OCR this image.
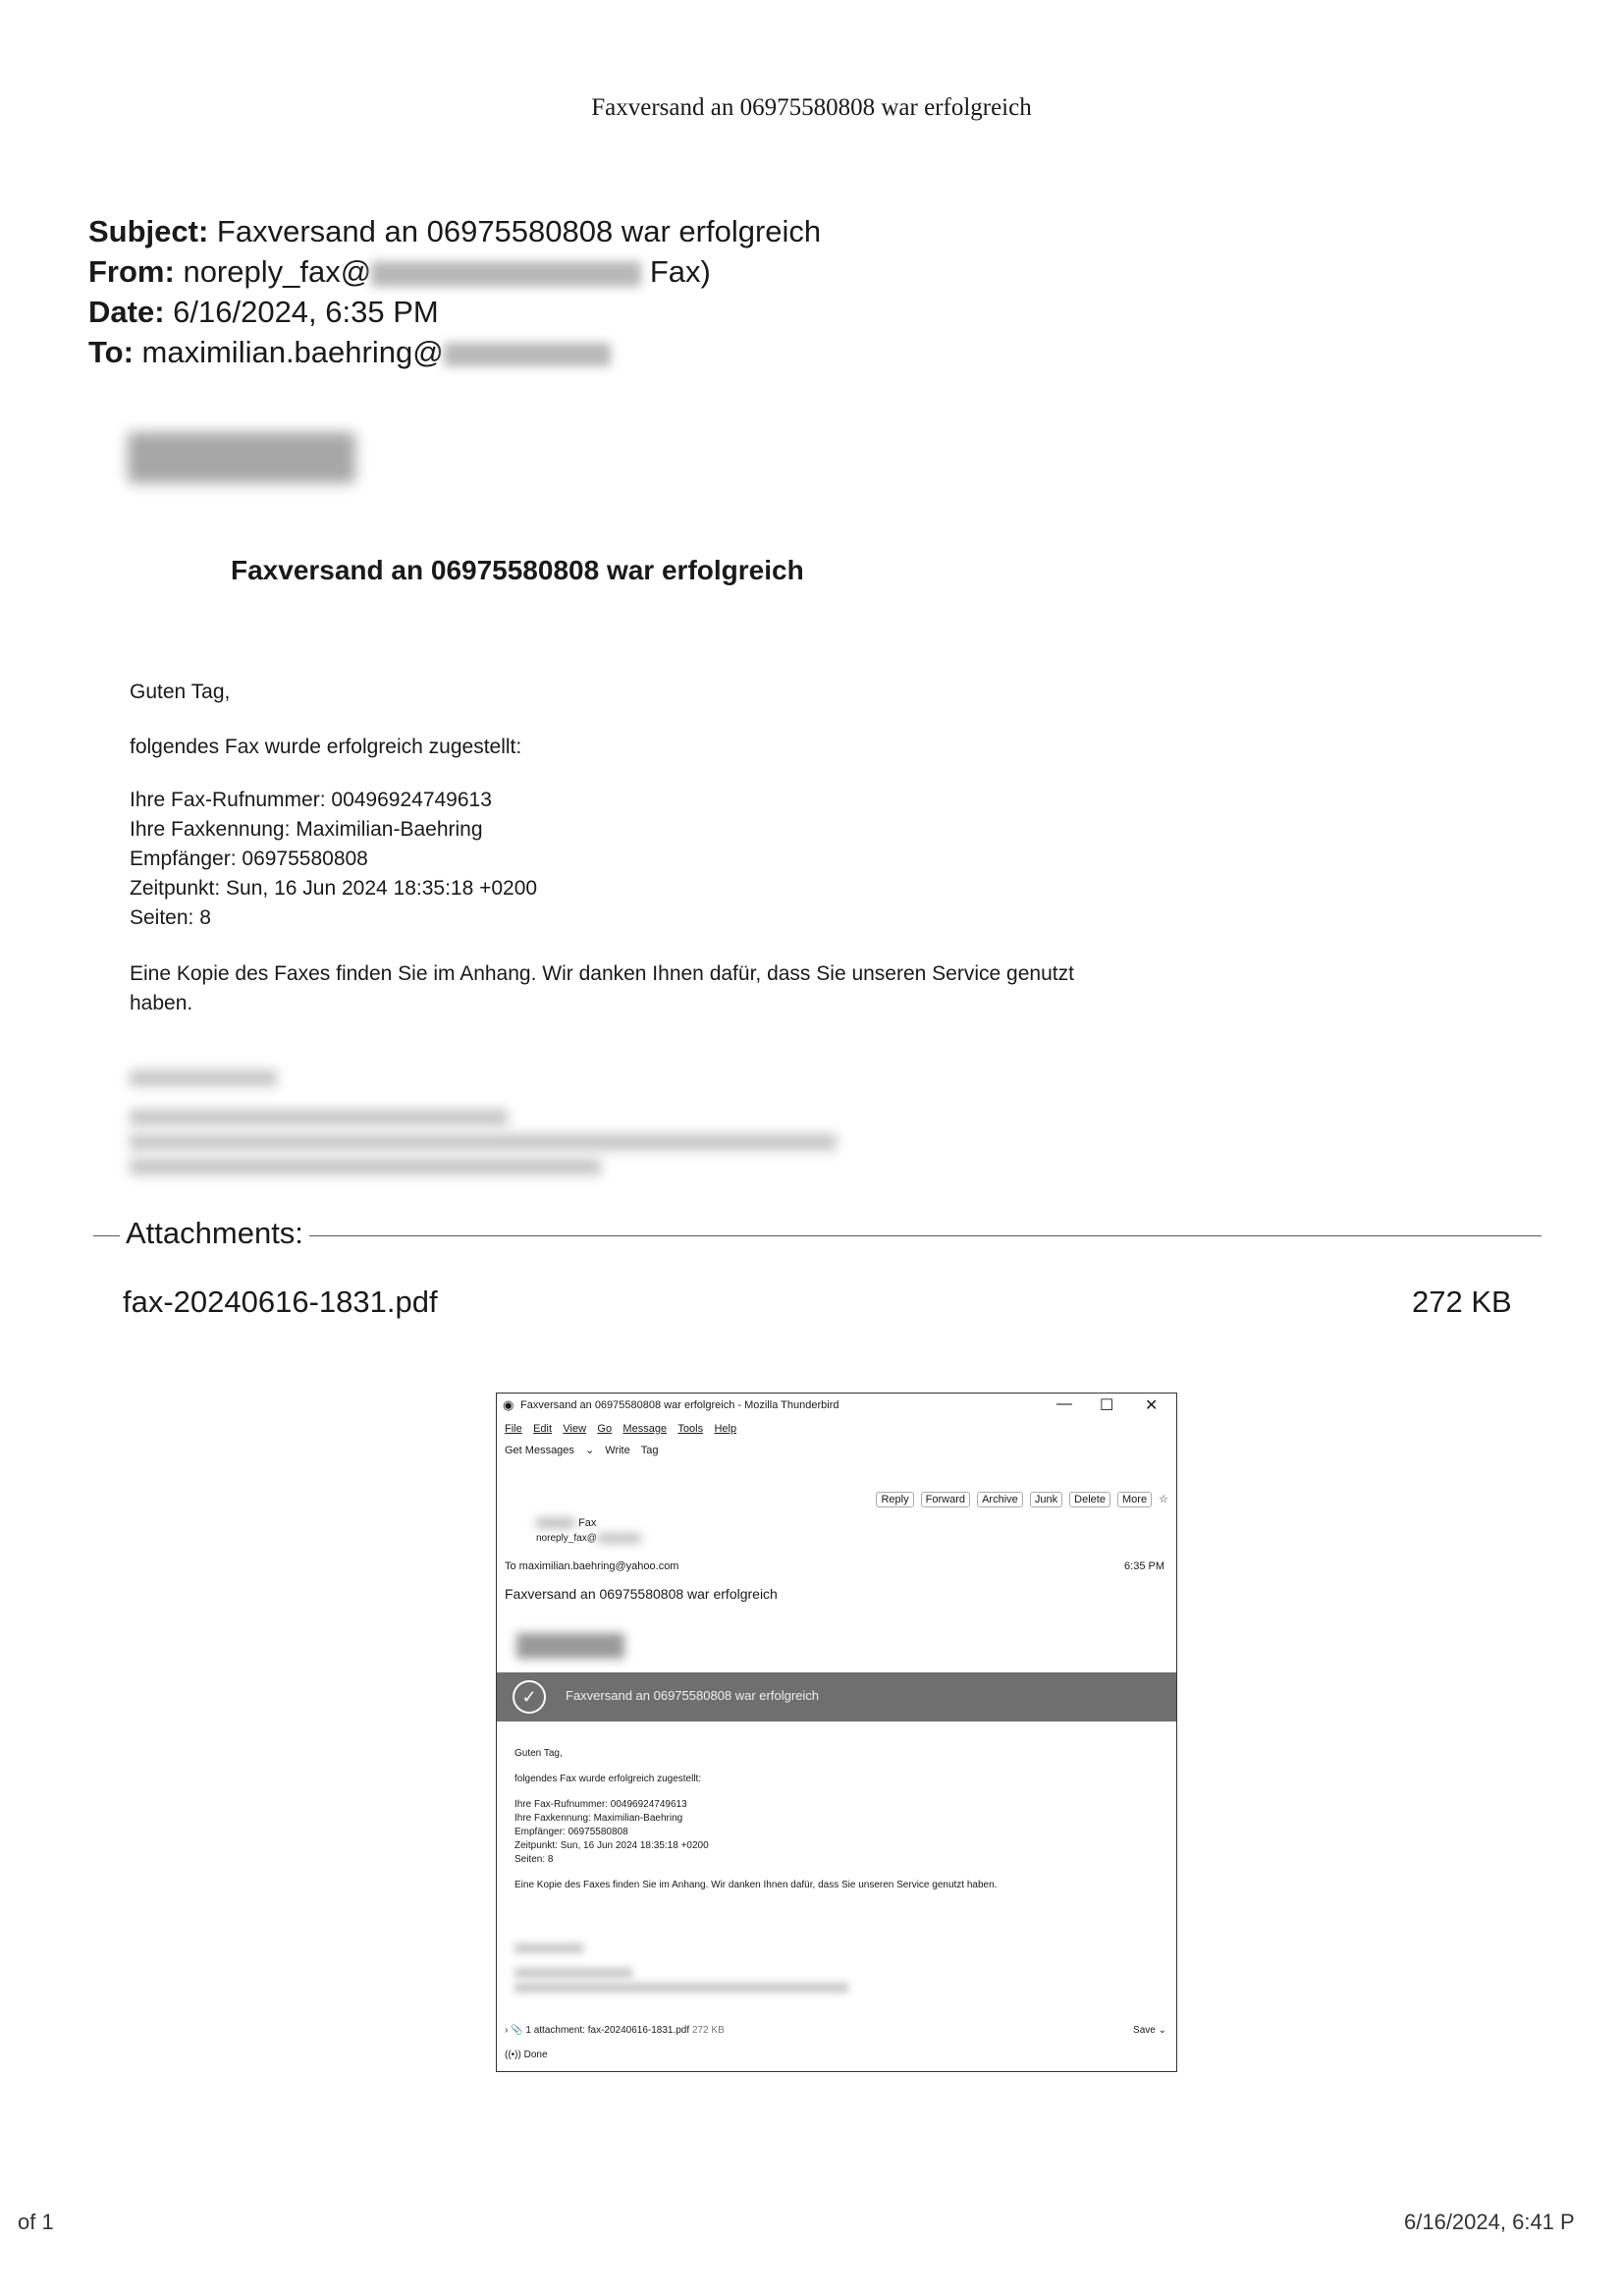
Faxversand an 06975580808 war erfolgreich
Subject: Faxversand an 06975580808 war erfolgreich
From: noreply_fax@	Fax)
Date: 6/16/2024, 6:35 PM
To: maximilian.baehring@
Faxversand an 06975580808 war erfolgreich
Guten Tag,
folgendes Fax wurde erfolgreich zugestellt:
Ihre Fax-Rufnummer: 00496924749613
Ihre Faxkennung: Maximilian-Baehring
Empfänger: 06975580808
Zeitpunkt: Sun, 16 Jun 2024 18:35:18 +0200
Seiten: 8
Eine Kopie des Faxes finden Sie im Anhang. Wir danken Ihnen dafür, dass Sie unseren Service genutzt haben.
Attachments:
fax-20240616-1831.pdf	272 KB
◉ Faxversand an 06975580808 war erfolgreich - Mozilla Thunderbird	— ☐ ✕
File Edit View Go Message Tools Help
Get Messages ⌄ Write Tag
Reply Forward Archive Junk Delete More ☆
Fax
noreply_fax@
To maximilian.baehring@yahoo.com	6:35 PM
Faxversand an 06975580808 war erfolgreich
✓	Faxversand an 06975580808 war erfolgreich

Guten Tag,

folgendes Fax wurde erfolgreich zugestellt:

Ihre Fax-Rufnummer: 00496924749613
Ihre Faxkennung: Maximilian-Baehring
Empfänger: 06975580808
Zeitpunkt: Sun, 16 Jun 2024 18:35:18 +0200
Seiten: 8

Eine Kopie des Faxes finden Sie im Anhang. Wir danken Ihnen dafür, dass Sie unseren Service genutzt haben.

› 📎 1 attachment: fax-20240616-1831.pdf 272 KB	Save ⌄
((•)) Done
of 1	6/16/2024, 6:41 P
